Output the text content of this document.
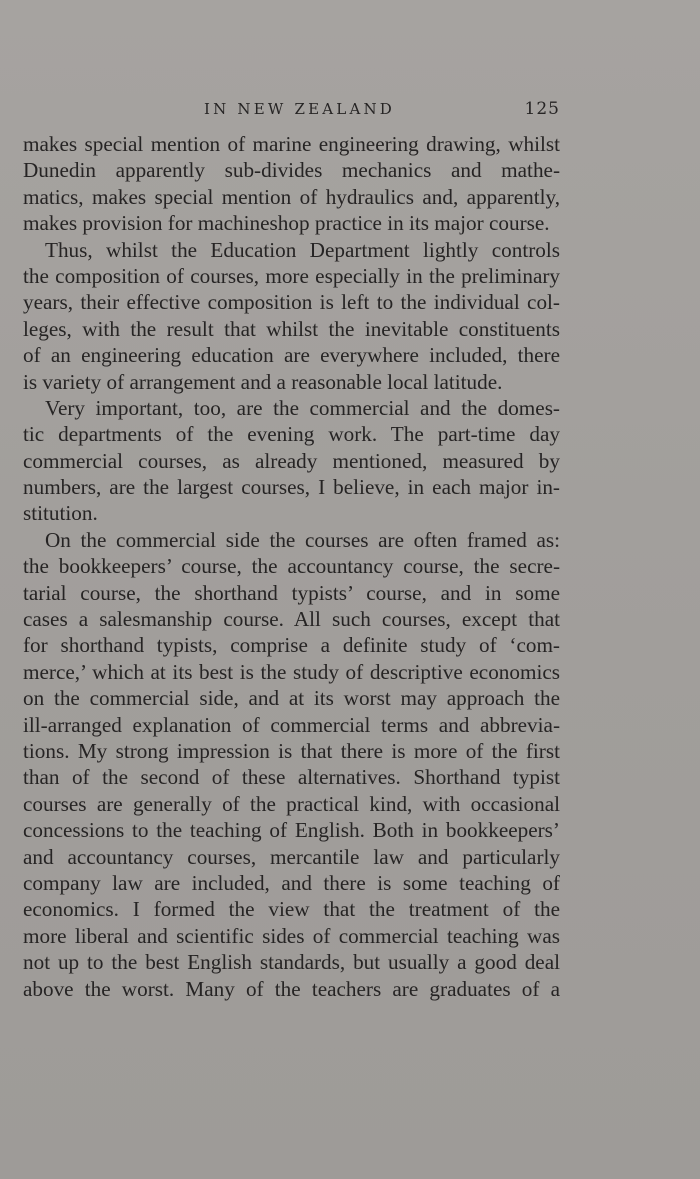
IN NEW ZEALAND	125
makes special mention of marine engineering drawing, whilst
Dunedin apparently sub-divides mechanics and mathe-
matics, makes special mention of hydraulics and, apparently,
makes provision for machineshop practice in its major course.
Thus, whilst the Education Department lightly controls
the composition of courses, more especially in the preliminary
years, their effective composition is left to the individual col-
leges, with the result that whilst the inevitable constituents
of an engineering education are everywhere included, there
is variety of arrangement and a reasonable local latitude.
Very important, too, are the commercial and the domes-
tic departments of the evening work. The part-time day
commercial courses, as already mentioned, measured by
numbers, are the largest courses, I believe, in each major in-
stitution.
On the commercial side the courses are often framed as:
the bookkeepers’ course, the accountancy course, the secre-
tarial course, the shorthand typists’ course, and in some
cases a salesmanship course. All such courses, except that
for shorthand typists, comprise a definite study of ‘com-
merce,’ which at its best is the study of descriptive economics
on the commercial side, and at its worst may approach the
ill-arranged explanation of commercial terms and abbrevia-
tions. My strong impression is that there is more of the first
than of the second of these alternatives. Shorthand typist
courses are generally of the practical kind, with occasional
concessions to the teaching of English. Both in bookkeepers’
and accountancy courses, mercantile law and particularly
company law are included, and there is some teaching of
economics. I formed the view that the treatment of the
more liberal and scientific sides of commercial teaching was
not up to the best English standards, but usually a good deal
above the worst. Many of the teachers are graduates of a
